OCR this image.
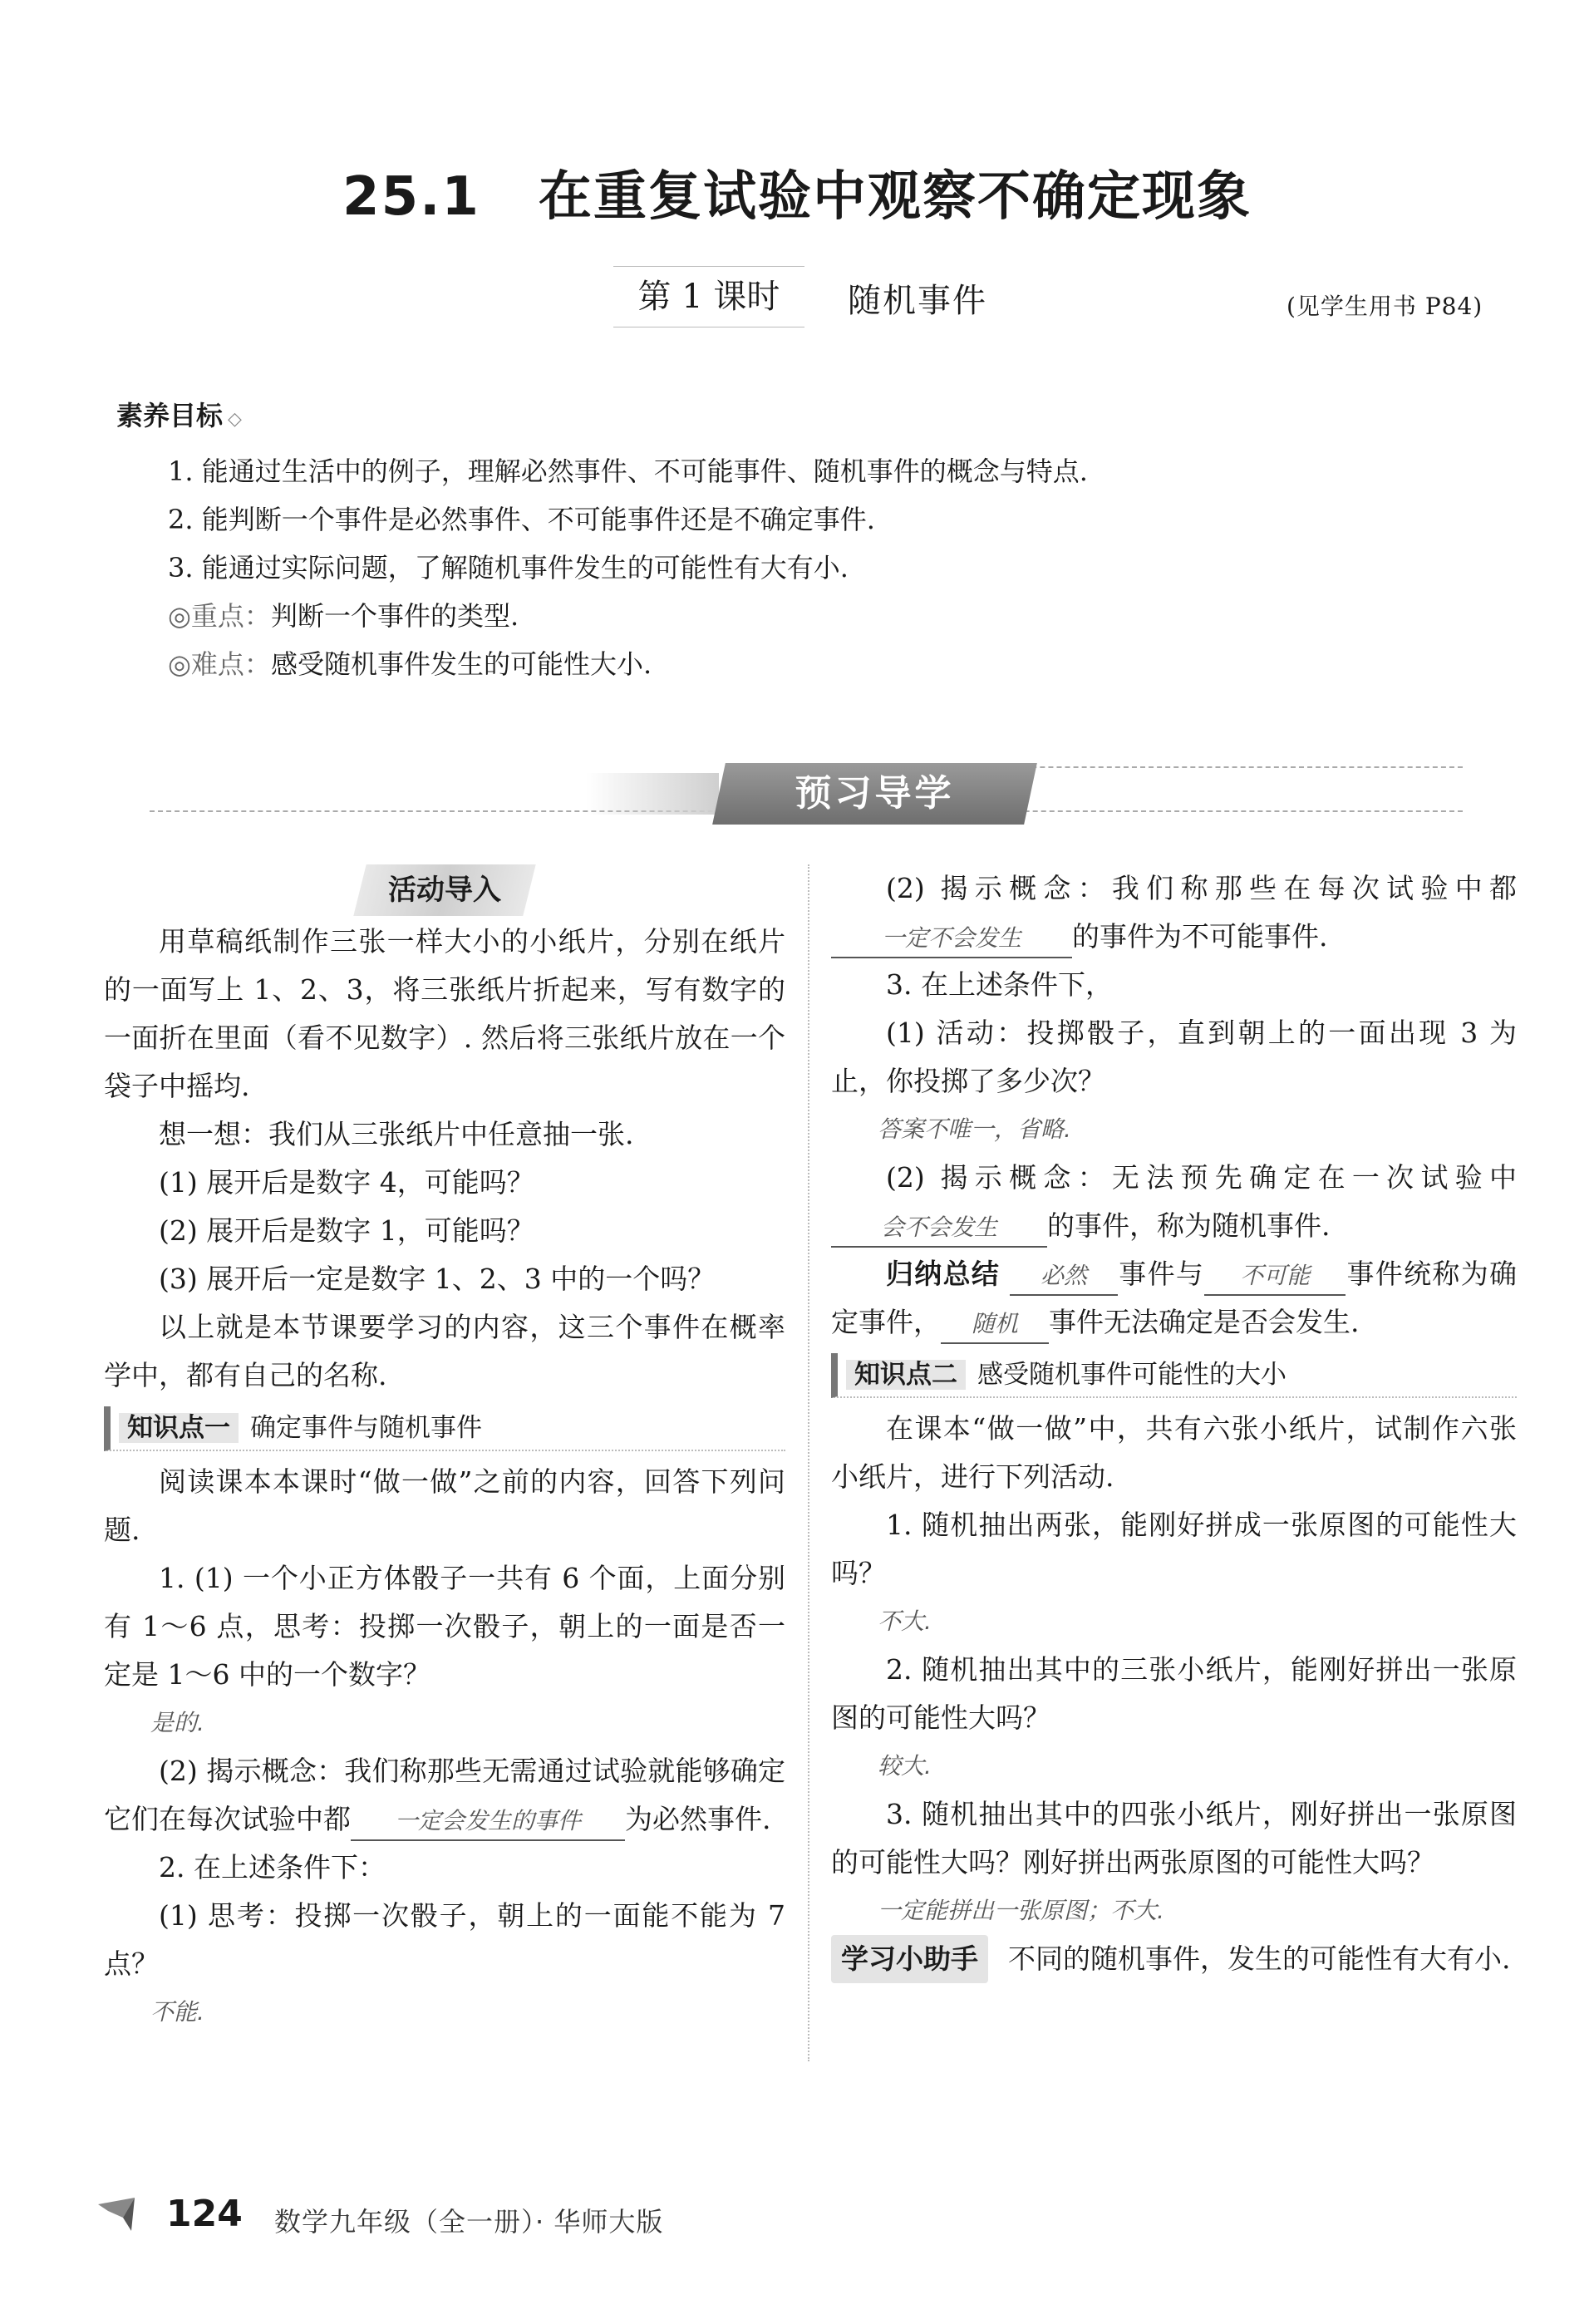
25.1 在重复试验中观察不确定现象
第 1 课时	随机事件	(见学生用书 P84)
素养目标 ◇
1. 能通过生活中的例子，理解必然事件、不可能事件、随机事件的概念与特点.
2. 能判断一个事件是必然事件、不可能事件还是不确定事件.
3. 能通过实际问题，了解随机事件发生的可能性有大有小.
◎重点：判断一个事件的类型.
◎难点：感受随机事件发生的可能性大小.
预习导学
活动导入

用草稿纸制作三张一样大小的小纸片，分别在纸片的一面写上 1、2、3，将三张纸片折起来，写有数字的一面折在里面（看不见数字）. 然后将三张纸片放在一个袋子中摇均.

想一想：我们从三张纸片中任意抽一张.

(1) 展开后是数字 4，可能吗？

(2) 展开后是数字 1，可能吗？

(3) 展开后一定是数字 1、2、3 中的一个吗？

以上就是本节课要学习的内容，这三个事件在概率学中，都有自己的名称.

知识点一 确定事件与随机事件

阅读课本本课时“做一做”之前的内容，回答下列问题.

1. (1) 一个小正方体骰子一共有 6 个面，上面分别有 1～6 点，思考：投掷一次骰子，朝上的一面是否一定是 1～6 中的一个数字？

是的.

(2) 揭示概念：我们称那些无需通过试验就能够确定它们在每次试验中都 一定会发生的事件 为必然事件.

2. 在上述条件下：

(1) 思考：投掷一次骰子，朝上的一面能不能为 7 点？

不能.

(2) 揭示概念：我们称那些在每次试验中都一定不会发生 的事件为不可能事件.

3. 在上述条件下，

(1) 活动：投掷骰子，直到朝上的一面出现 3 为止，你投掷了多少次？

答案不唯一，省略.

(2) 揭示概念：无法预先确定在一次试验中会不会发生 的事件，称为随机事件.

归纳总结 必然 事件与 不可能 事件统称为确定事件， 随机 事件无法确定是否会发生.

知识点二 感受随机事件可能性的大小

在课本“做一做”中，共有六张小纸片，试制作六张小纸片，进行下列活动.

1. 随机抽出两张，能刚好拼成一张原图的可能性大吗？

不大.

2. 随机抽出其中的三张小纸片，能刚好拼出一张原图的可能性大吗？

较大.

3. 随机抽出其中的四张小纸片，刚好拼出一张原图的可能性大吗？刚好拼出两张原图的可能性大吗？

一定能拼出一张原图；不大.

学习小助手 不同的随机事件，发生的可能性有大有小.

124 数学九年级（全一册）· 华师大版
